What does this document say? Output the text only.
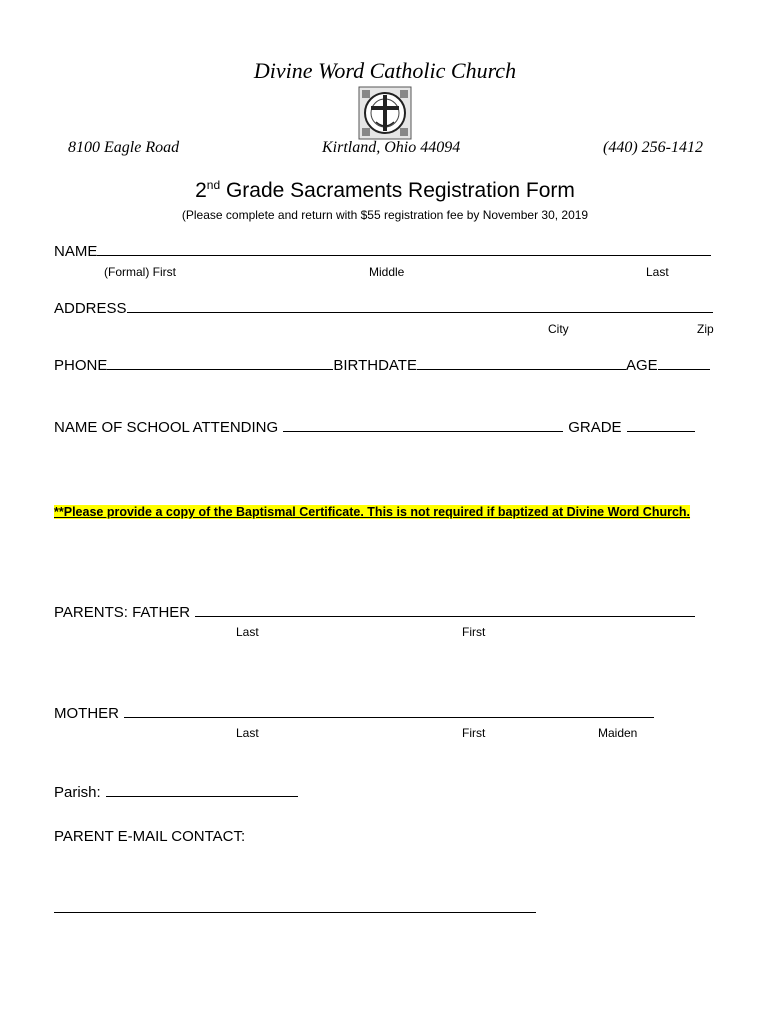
Divine Word Catholic Church
8100 Eagle Road	Kirtland, Ohio 44094	(440) 256-1412
2nd Grade Sacraments Registration Form
(Please complete and return with $55 registration fee by November 30, 2019
NAME
(Formal) First	Middle	Last
ADDRESS
City	Zip
PHONE	BIRTHDATE	AGE
NAME OF SCHOOL ATTENDING	GRADE
**Please provide a copy of the Baptismal Certificate. This is not required if baptized at Divine Word Church.
PARENTS: FATHER
Last	First
MOTHER
Last	First	Maiden
Parish:
PARENT E-MAIL CONTACT:
